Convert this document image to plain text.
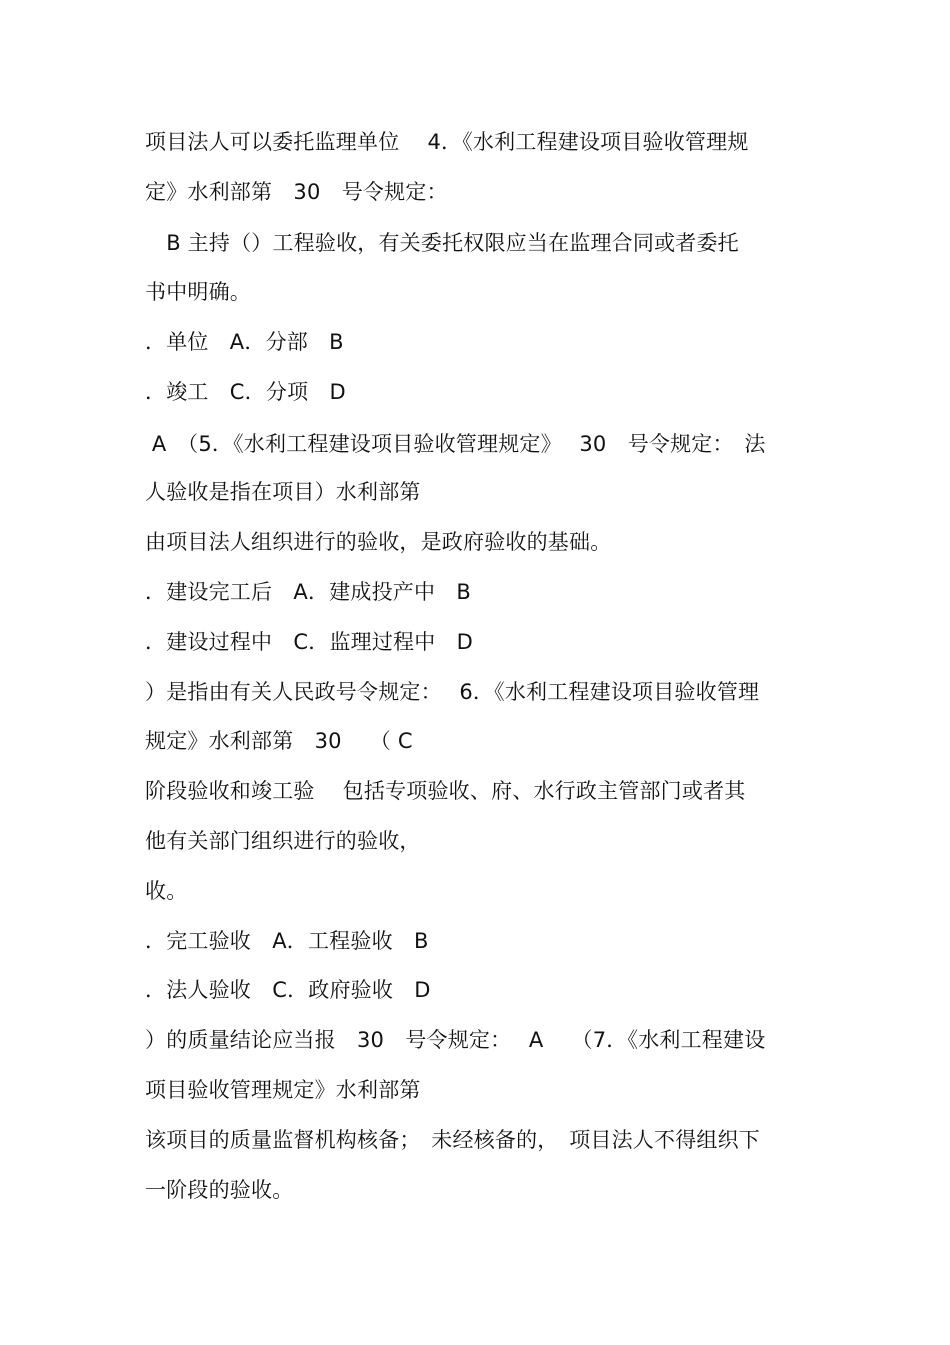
项目法人可以委托监理单位　 4．《水利工程建设项目验收管理规

定》水利部第　30　号令规定：

　B 主持（）工程验收，有关委托权限应当在监理合同或者委托

书中明确。

．单位　A．分部　B

．竣工　C．分项　D

A　（5．《水利工程建设项目验收管理规定》　 30　号令规定：　法

人验收是指在项目）水利部第

由项目法人组织进行的验收，是政府验收的基础。

．建设完工后　A．建成投产中　B

．建设过程中　C．监理过程中　D

）是指由有关人民政号令规定：　 6．《水利工程建设项目验收管理

规定》水利部第　30　 （ C

阶段验收和竣工验　 包括专项验收、府、水行政主管部门或者其

他有关部门组织进行的验收，

收。

．完工验收　A．工程验收　B

．法人验收　C．政府验收　D

）的质量结论应当报　30　号令规定：　 A　 （7．《水利工程建设

项目验收管理规定》水利部第

该项目的质量监督机构核备；　未经核备的，　项目法人不得组织下

一阶段的验收。
